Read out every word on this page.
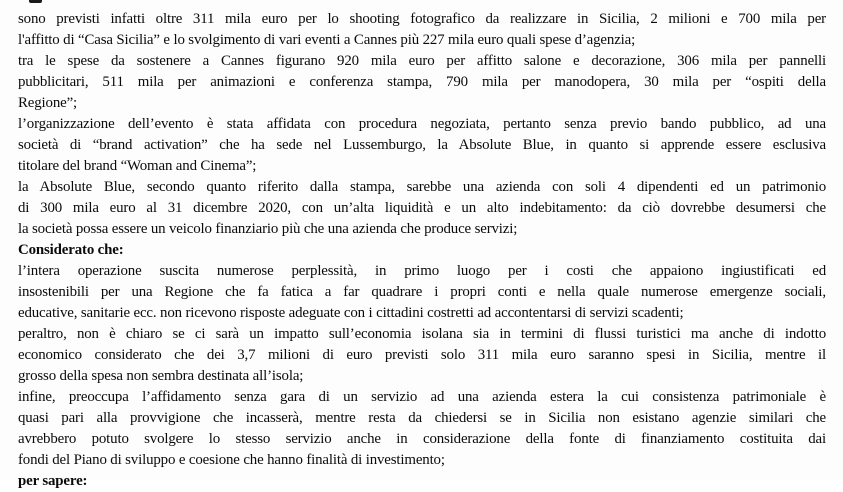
sono previsti infatti oltre 311 mila euro per lo shooting fotografico da realizzare in Sicilia, 2 milioni e 700 mila per
l'affitto di “Casa Sicilia” e lo svolgimento di vari eventi a Cannes più 227 mila euro quali spese d’agenzia;
tra le spese da sostenere a Cannes figurano 920 mila euro per affitto salone e decorazione, 306 mila per pannelli
pubblicitari, 511 mila per animazioni e conferenza stampa, 790 mila per manodopera, 30 mila per “ospiti della
Regione”;
l’organizzazione dell’evento è stata affidata con procedura negoziata, pertanto senza previo bando pubblico, ad una
società di “brand activation” che ha sede nel Lussemburgo, la Absolute Blue, in quanto si apprende essere esclusiva
titolare del brand “Woman and Cinema”;
la Absolute Blue, secondo quanto riferito dalla stampa, sarebbe una azienda con soli 4 dipendenti ed un patrimonio
di 300 mila euro al 31 dicembre 2020, con un’alta liquidità e un alto indebitamento: da ciò dovrebbe desumersi che
la società possa essere un veicolo finanziario più che una azienda che produce servizi;
Considerato che:
l’intera operazione suscita numerose perplessità, in primo luogo per i costi che appaiono ingiustificati ed
insostenibili per una Regione che fa fatica a far quadrare i propri conti e nella quale numerose emergenze sociali,
educative, sanitarie ecc. non ricevono risposte adeguate con i cittadini costretti ad accontentarsi di servizi scadenti;
peraltro, non è chiaro se ci sarà un impatto sull’economia isolana sia in termini di flussi turistici ma anche di indotto
economico considerato che dei 3,7 milioni di euro previsti solo 311 mila euro saranno spesi in Sicilia, mentre il
grosso della spesa non sembra destinata all’isola;
infine, preoccupa l’affidamento senza gara di un servizio ad una azienda estera la cui consistenza patrimoniale è
quasi pari alla provvigione che incasserà, mentre resta da chiedersi se in Sicilia non esistano agenzie similari che
avrebbero potuto svolgere lo stesso servizio anche in considerazione della fonte di finanziamento costituita dai
fondi del Piano di sviluppo e coesione che hanno finalità di investimento;
per sapere:
